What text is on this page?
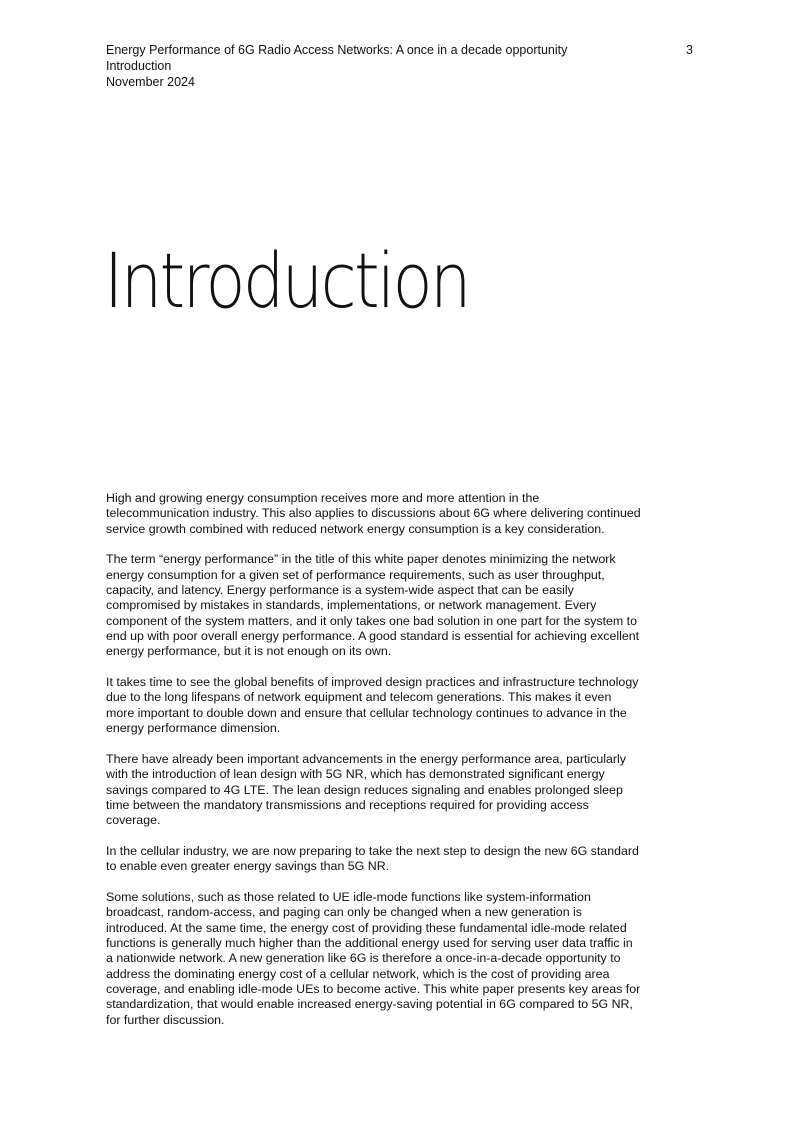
Energy Performance of 6G Radio Access Networks: A once in a decade opportunity
Introduction
November 2024
3
Introduction

High and growing energy consumption receives more and more attention in the telecommunication industry. This also applies to discussions about 6G where delivering continued service growth combined with reduced network energy consumption is a key consideration.

The term “energy performance” in the title of this white paper denotes minimizing the network energy consumption for a given set of performance requirements, such as user throughput, capacity, and latency. Energy performance is a system-wide aspect that can be easily compromised by mistakes in standards, implementations, or network management. Every component of the system matters, and it only takes one bad solution in one part for the system to end up with poor overall energy performance. A good standard is essential for achieving excellent energy performance, but it is not enough on its own.

It takes time to see the global benefits of improved design practices and infrastructure technology due to the long lifespans of network equipment and telecom generations. This makes it even more important to double down and ensure that cellular technology continues to advance in the energy performance dimension.

There have already been important advancements in the energy performance area, particularly with the introduction of lean design with 5G NR, which has demonstrated significant energy savings compared to 4G LTE. The lean design reduces signaling and enables prolonged sleep time between the mandatory transmissions and receptions required for providing access coverage.

In the cellular industry, we are now preparing to take the next step to design the new 6G standard to enable even greater energy savings than 5G NR.

Some solutions, such as those related to UE idle-mode functions like system-information broadcast, random-access, and paging can only be changed when a new generation is introduced. At the same time, the energy cost of providing these fundamental idle-mode related functions is generally much higher than the additional energy used for serving user data traffic in a nationwide network. A new generation like 6G is therefore a once-in-a-decade opportunity to address the dominating energy cost of a cellular network, which is the cost of providing area coverage, and enabling idle-mode UEs to become active. This white paper presents key areas for standardization, that would enable increased energy-saving potential in 6G compared to 5G NR, for further discussion.
